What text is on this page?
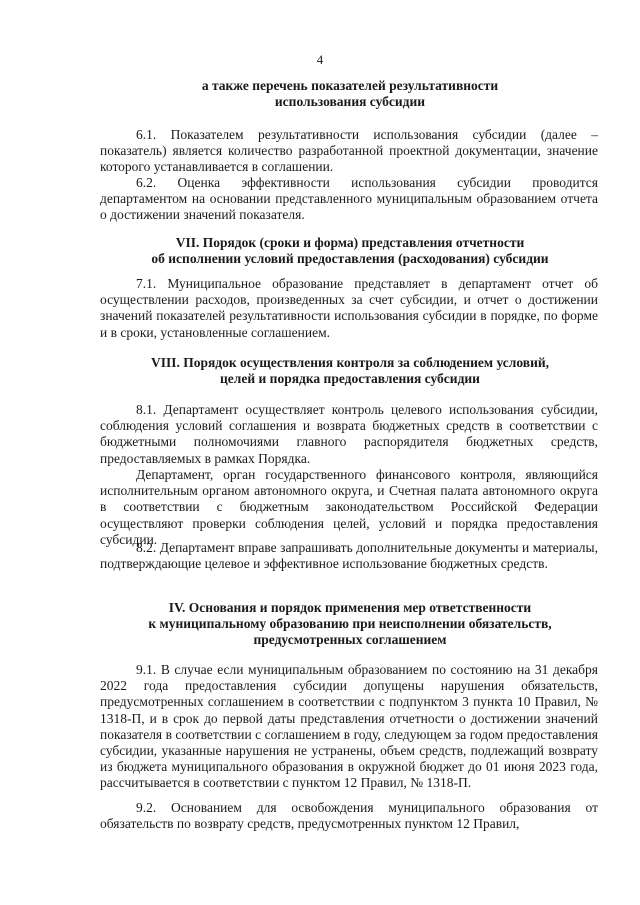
4
а также перечень показателей результативности
использования субсидии
6.1. Показателем результативности использования субсидии (далее – показатель) является количество разработанной проектной документации, значение которого устанавливается в соглашении.
6.2. Оценка эффективности использования субсидии проводится департаментом на основании представленного муниципальным образованием отчета о достижении значений показателя.
VII. Порядок (сроки и форма) представления отчетности
об исполнении условий предоставления (расходования) субсидии
7.1. Муниципальное образование представляет в департамент отчет об осуществлении расходов, произведенных за счет субсидии, и отчет о достижении значений показателей результативности использования субсидии в порядке, по форме и в сроки, установленные соглашением.
VIII. Порядок осуществления контроля за соблюдением условий,
целей и порядка предоставления субсидии
8.1. Департамент осуществляет контроль целевого использования субсидии, соблюдения условий соглашения и возврата бюджетных средств в соответствии с бюджетными полномочиями главного распорядителя бюджетных средств, предоставляемых в рамках Порядка.
Департамент, орган государственного финансового контроля, являющийся исполнительным органом автономного округа, и Счетная палата автономного округа в соответствии с бюджетным законодательством Российской Федерации осуществляют проверки соблюдения целей, условий и порядка предоставления субсидии.
8.2. Департамент вправе запрашивать дополнительные документы и материалы, подтверждающие целевое и эффективное использование бюджетных средств.
IV. Основания и порядок применения мер ответственности
к муниципальному образованию при неисполнении обязательств,
предусмотренных соглашением
9.1. В случае если муниципальным образованием по состоянию на 31 декабря 2022 года предоставления субсидии допущены нарушения обязательств, предусмотренных соглашением в соответствии с подпунктом 3 пункта 10 Правил, № 1318-П, и в срок до первой даты представления отчетности о достижении значений показателя в соответствии с соглашением в году, следующем за годом предоставления субсидии, указанные нарушения не устранены, объем средств, подлежащий возврату из бюджета муниципального образования в окружной бюджет до 01 июня 2023 года, рассчитывается в соответствии с пунктом 12 Правил, № 1318-П.
9.2. Основанием для освобождения муниципального образования от обязательств по возврату средств, предусмотренных пунктом 12 Правил,
